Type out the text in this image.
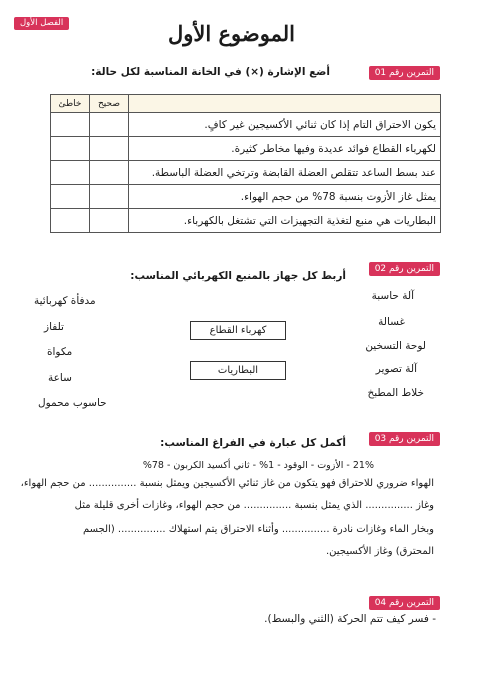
الفصل الأول	الموضوع الأول
التمرين رقم 01
أضع الإشارة (×) في الخانة المناسبة لكل حالة:
	صحيح	خاطئ
يكون الاحتراق التام إذا كان ثنائي الأكسيجين غير كافٍ.		
لكهرباء القطاع فوائد عديدة وفيها مخاطر كثيرة.		
عند بسط الساعد تتقلص العضلة القابضة وترتخي العضلة الباسطة.		
يمثل غاز الأزوت بنسبة 78% من حجم الهواء.		
البطاريات هي منبع لتغذية التجهيزات التي تشتغل بالكهرباء.		
التمرين رقم 02
أربط كل جهاز بالمنبع الكهربائي المناسب:
مدفأة كهربائية
تلفاز
مكواة
ساعة
حاسوب محمول
آلة حاسبة
غسالة
لوحة التسخين
آلة تصوير
خلاط المطبخ
كهرباء القطاع
البطاريات
التمرين رقم 03
أكمل كل عبارة في الفراغ المناسب:
21% - الأزوت - الوقود - 1% - ثاني أكسيد الكربون - 78%
الهواء ضروري للاحتراق فهو يتكون من غاز ثنائي الأكسيجين ويمثل بنسبة ............... من حجم الهواء،
وغاز ............... الذي يمثل بنسبة ............... من حجم الهواء، وغازات أخرى قليلة مثل
وبخار الماء وغازات نادرة ............... وأثناء الاحتراق يتم استهلاك ............... (الجسم
المحترق) وغاز الأكسيجين.
التمرين رقم 04
- فسر كيف تتم الحركة (الثني والبسط).
